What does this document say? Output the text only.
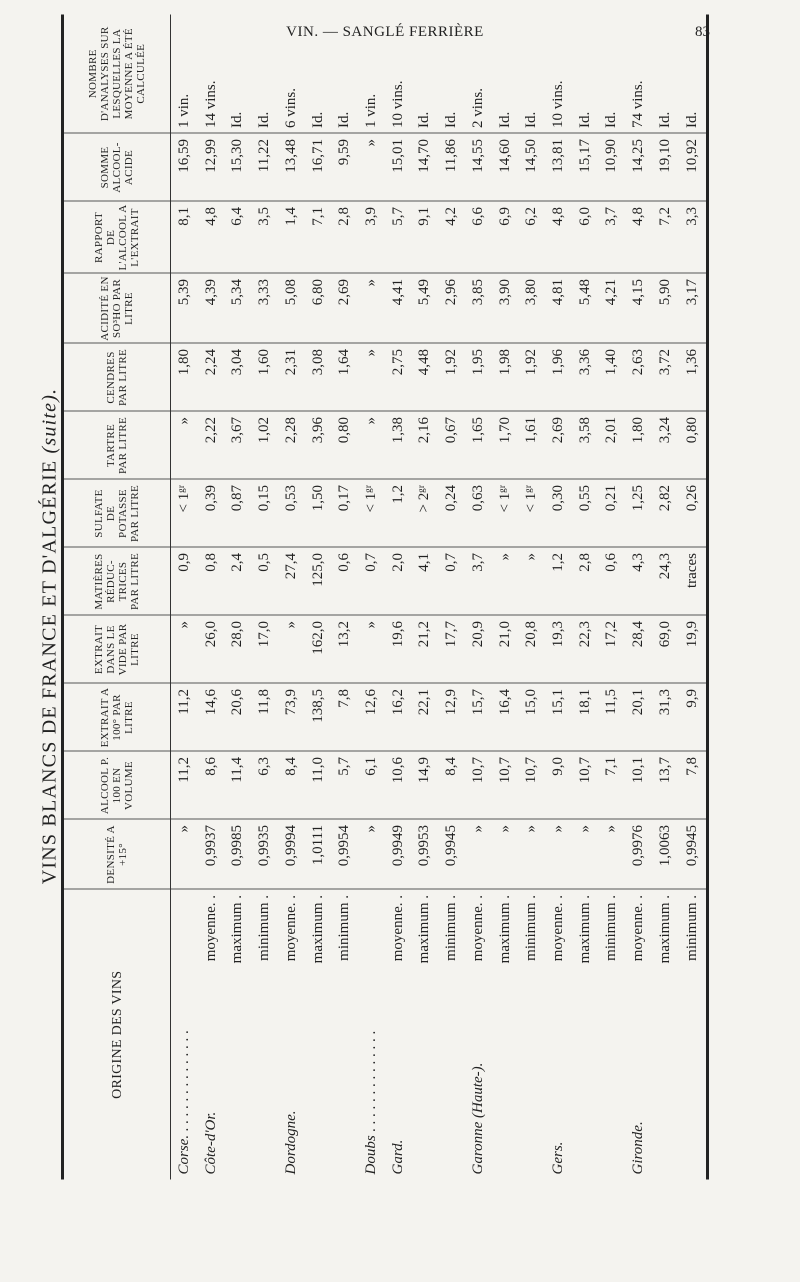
VIN. — SANGLÉ FERRIÈRE	83
VINS BLANCS DE FRANCE ET D'ALGÉRIE (suite).
ORIGINE DES VINS	DENSITÉ A +15°	ALCOOL P. 100 EN VOLUME	EXTRAIT A 100° PAR LITRE	EXTRAIT DANS LE VIDE PAR LITRE	MATIÈRES RÉDUC-TRICES PAR LITRE	SULFATE DE POTASSE PAR LITRE	TARTRE PAR LITRE	CENDRES PAR LITRE	ACIDITÉ EN SO³HO PAR LITRE	RAPPORT DE L'ALCOOL A L'EXTRAIT	SOMME ALCOOL-ACIDE	NOMBRE D'ANALYSES SUR LESQUELLES LA MOYENNE A ÉTÉ CALCULÉE
Corse. . . . . . . . . . . . . . .	»	11,2	11,2	»	0,9	< 1ᵍʳ	»	1,80	5,39	8,1	16,59	1 vin.
Côte-d'Or.
moyenne. .	0,9937	8,6	14,6	26,0	0,8	0,39	2,22	2,24	4,39	4,8	12,99	14 vins.

maximum .	0,9985	11,4	20,6	28,0	2,4	0,87	3,67	3,04	5,34	6,4	15,30	Id.

minimum .	0,9935	6,3	11,8	17,0	0,5	0,15	1,02	1,60	3,33	3,5	11,22	Id.
Dordogne.
moyenne. .	0,9994	8,4	73,9	»	27,4	0,53	2,28	2,31	5,08	1,4	13,48	6 vins.

maximum .	1,0111	11,0	138,5	162,0	125,0	1,50	3,96	3,08	6,80	7,1	16,71	Id.

minimum .	0,9954	5,7	7,8	13,2	0,6	0,17	0,80	1,64	2,69	2,8	9,59	Id.
Doubs . . . . . . . . . . . . . .	»	6,1	12,6	»	0,7	< 1ᵍʳ	»	»	»	3,9	»	1 vin.
Gard.
moyenne. .	0,9949	10,6	16,2	19,6	2,0	1,2	1,38	2,75	4,41	5,7	15,01	10 vins.

maximum .	0,9953	14,9	22,1	21,2	4,1	> 2ᵍʳ	2,16	4,48	5,49	9,1	14,70	Id.

minimum .	0,9945	8,4	12,9	17,7	0,7	0,24	0,67	1,92	2,96	4,2	11,86	Id.
Garonne (Haute-).
moyenne. .	»	10,7	15,7	20,9	3,7	0,63	1,65	1,95	3,85	6,6	14,55	2 vins.

maximum .	»	10,7	16,4	21,0	»	< 1ᵍʳ	1,70	1,98	3,90	6,9	14,60	Id.

minimum .	»	10,7	15,0	20,8	»	< 1ᵍʳ	1,61	1,92	3,80	6,2	14,50	Id.
Gers.
moyenne. .	»	9,0	15,1	19,3	1,2	0,30	2,69	1,96	4,81	4,8	13,81	10 vins.

maximum .	»	10,7	18,1	22,3	2,8	0,55	3,58	3,36	5,48	6,0	15,17	Id.

minimum .	»	7,1	11,5	17,2	0,6	0,21	2,01	1,40	4,21	3,7	10,90	Id.
Gironde.
moyenne. .	0,9976	10,1	20,1	28,4	4,3	1,25	1,80	2,63	4,15	4,8	14,25	74 vins.

maximum .	1,0063	13,7	31,3	69,0	24,3	2,82	3,24	3,72	5,90	7,2	19,10	Id.

minimum .	0,9945	7,8	9,9	19,9	traces	0,26	0,80	1,36	3,17	3,3	10,92	Id.
